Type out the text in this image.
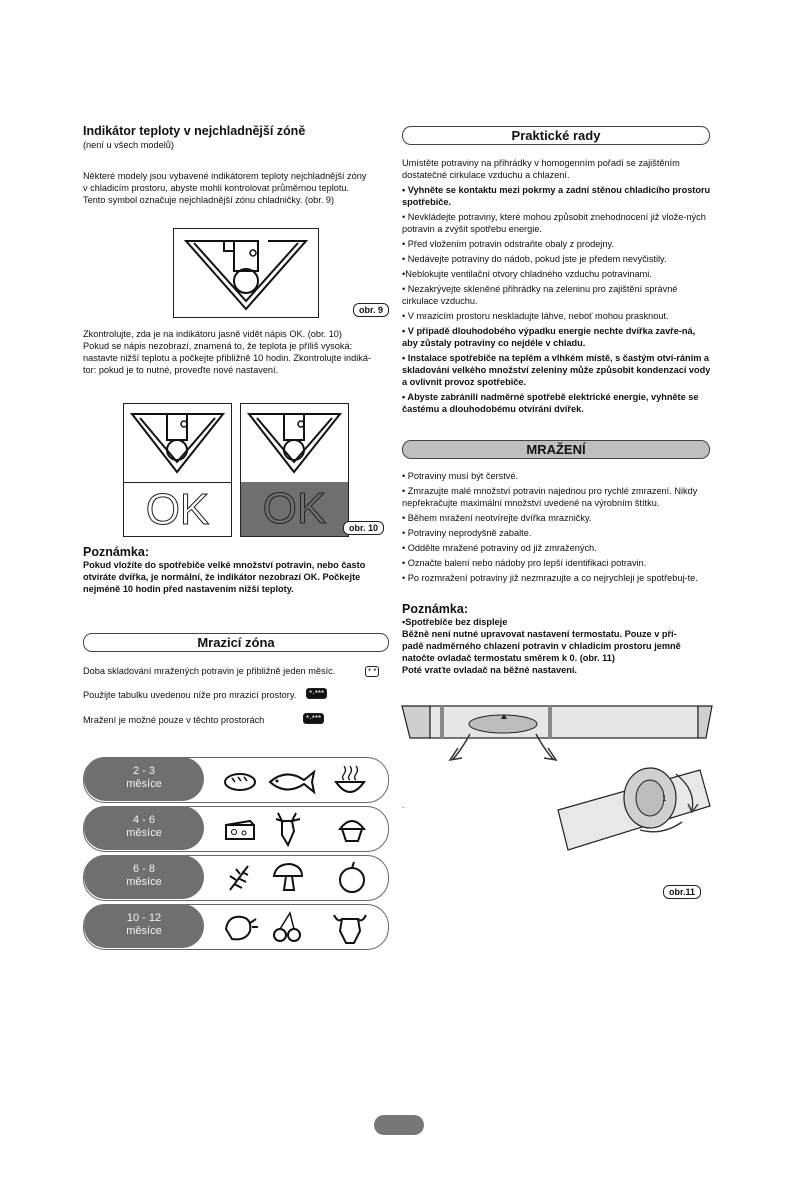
Indikátor teploty v nejchladnější zóně
(není u všech modelů)
Některé modely jsou vybavené indikátorem teploty nejchladnější zóny
v chladicím prostoru, abyste mohli kontrolovat průměrnou teplotu.
Tento symbol označuje nejchladnější zónu chladničky. (obr. 9)
obr. 9
Zkontrolujte, zda je na indikátoru jasně vidět nápis OK. (obr. 10)
Pokud se nápis nezobrazí, znamená to, že teplota je příliš vysoká:
nastavte nižší teplotu a počkejte přibližně 10 hodin. Zkontrolujte indiká-
tor: pokud je to nutné, proveďte nové nastavení.
OK	OK	obr. 10
Poznámka:
Pokud vložíte do spotřebiče velké množství potravin, nebo často
otvíráte dvířka, je normální, že indikátor nezobrazí OK. Počkejte
nejméně 10 hodin před nastavením nižší teploty.
Mrazicí zóna
Doba skladování mražených potravin je přibližně jeden měsíc.	* *
Použijte tabulku uvedenou níže pro mrazicí prostory.	*·***
Mražení je možné pouze v těchto prostorách	*·***
2 - 3
měsíce
4 - 6
měsíce
6 - 8
měsíce
10 - 12
měsíce
Praktické rady

Umístěte potraviny na přihrádky v homogenním pořadí se zajištěním dostatečné cirkulace vzduchu a chlazení.

• Vyhněte se kontaktu mezi pokrmy a zadní stěnou chladicího prostoru spotřebiče.

• Nevkládejte potraviny, které mohou způsobit znehodnocení již vlože-ných potravin a zvýšit spotřebu energie.

• Před vložením potravin odstraňte obaly z prodejny.

• Nedávejte potraviny do nádob, pokud jste je předem nevyčistily.

•Neblokujte ventilační otvory chladného vzduchu potravinami.

• Nezakrývejte skleněné přihrádky na zeleninu pro zajištění správné cirkulace vzduchu.

• V mrazicím prostoru neskladujte láhve, neboť mohou prasknout.

• V případě dlouhodobého výpadku energie nechte dvířka zavře-ná, aby zůstaly potraviny co nejdéle v chladu.

• Instalace spotřebiče na teplém a vlhkém místě, s častým otví-ráním a skladování velkého množství zeleniny může způsobit kondenzaci vody a ovlivnit provoz spotřebiče.

• Abyste zabránili nadměrné spotřebě elektrické energie, vyhněte se častému a dlouhodobému otvírání dvířek.

MRAŽENÍ

• Potraviny musí být čerstvé.

• Zmrazujte malé množství potravin najednou pro rychlé zmrazení. Nikdy nepřekračujte maximální množství uvedené na výrobním štítku.

• Během mražení neotvírejte dvířka mrazničky.

• Potraviny neprodyšně zabalte.

• Oddělte mražené potraviny od již zmražených.

• Označte balení nebo nádoby pro lepší identifikaci potravin.

• Po rozmražení potraviny již nezmrazujte a co nejrychleji je spotřebuj-te.

Poznámka:
•Spotřebiče bez displeje
Běžně není nutné upravovat nastavení termostatu. Pouze v pří-
padě nadměrného chlazení potravin v chladicím prostoru jemně
natočte ovladač termostatu směrem k 0. (obr. 11)
Poté vraťte ovladač na běžné nastavení.
1
.
obr.11
